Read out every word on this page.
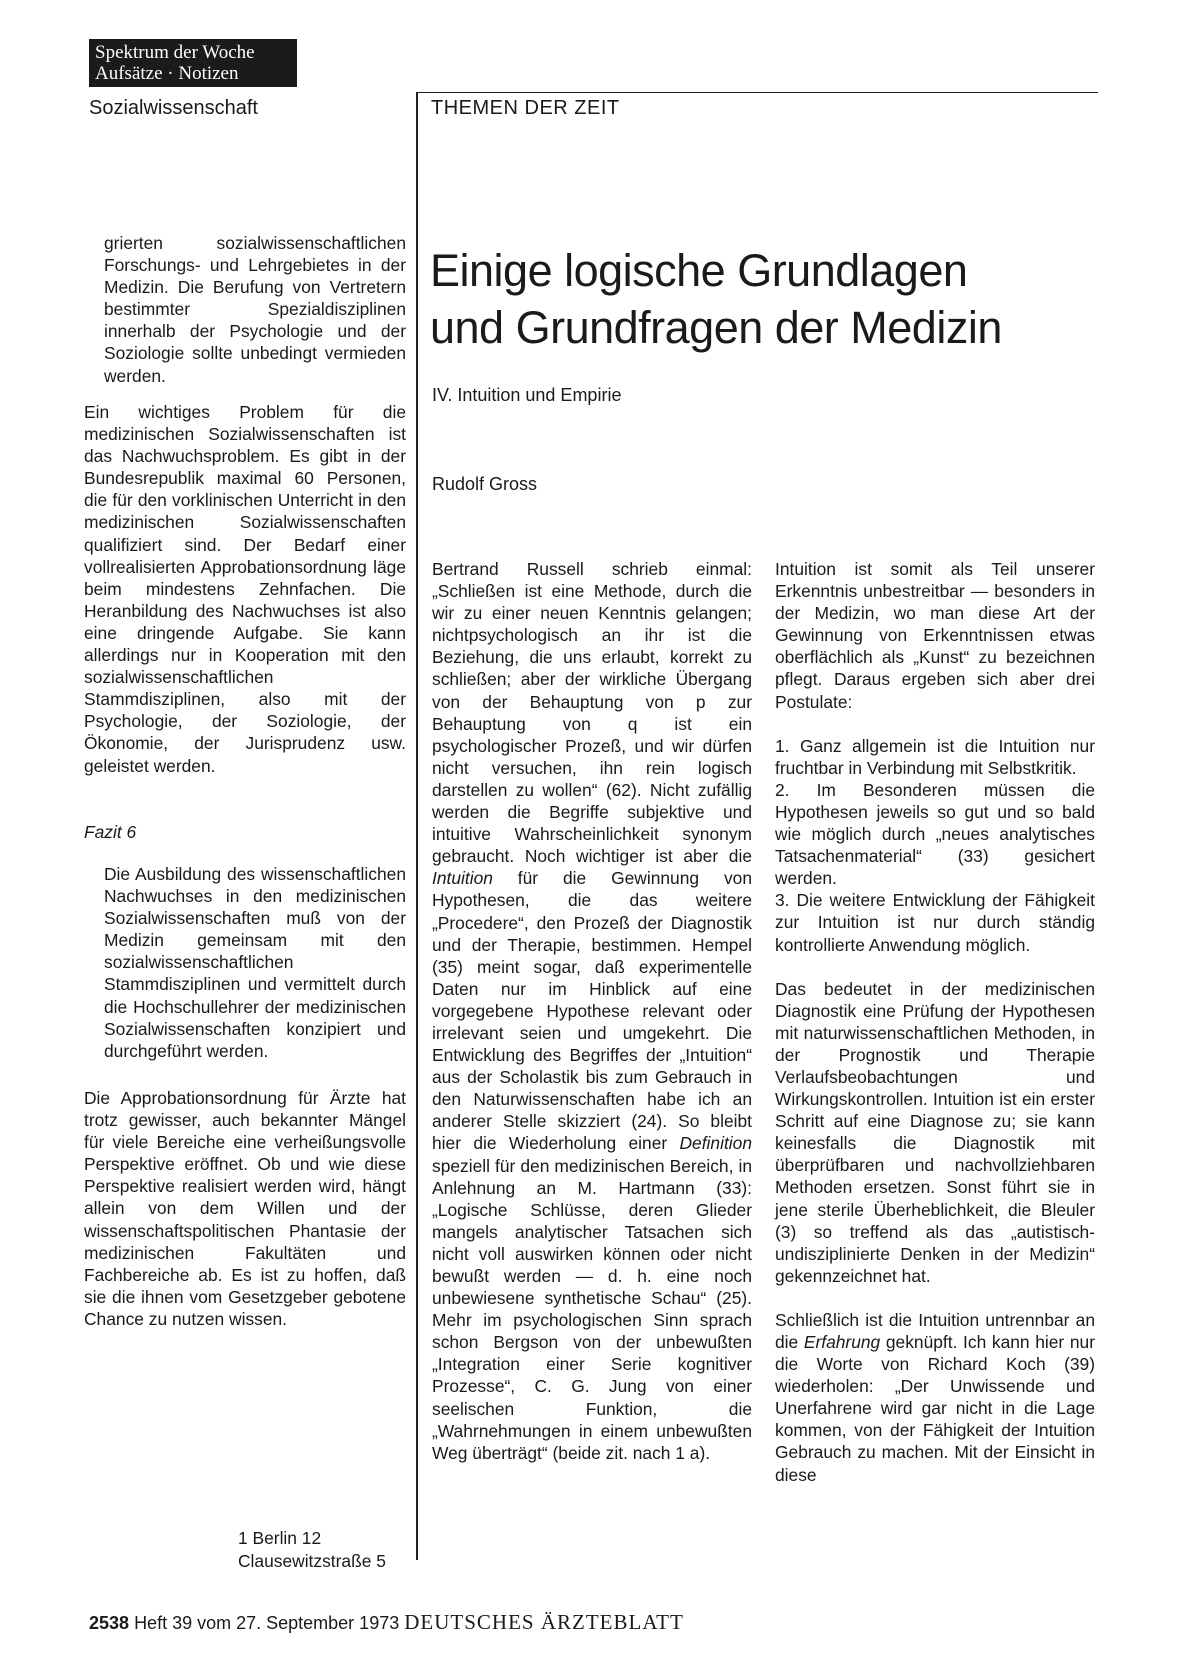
Spektrum der Woche
Aufsätze · Notizen
Sozialwissenschaft	THEMEN DER ZEIT

grierten sozialwissenschaftlichen Forschungs- und Lehrgebietes in der Medizin. Die Berufung von Vertretern bestimmter Spezialdisziplinen innerhalb der Psychologie und der Soziologie sollte unbedingt vermieden werden.

Ein wichtiges Problem für die medizinischen Sozialwissenschaften ist das Nachwuchsproblem. Es gibt in der Bundesrepublik maximal 60 Personen, die für den vorklinischen Unterricht in den medizinischen Sozialwissenschaften qualifiziert sind. Der Bedarf einer vollrealisierten Approbationsordnung läge beim mindestens Zehnfachen. Die Heranbildung des Nachwuchses ist also eine dringende Aufgabe. Sie kann allerdings nur in Kooperation mit den sozialwissenschaftlichen Stammdisziplinen, also mit der Psychologie, der Soziologie, der Ökonomie, der Jurisprudenz usw. geleistet werden.

Fazit 6

Die Ausbildung des wissenschaftlichen Nachwuchses in den medizinischen Sozialwissenschaften muß von der Medizin gemeinsam mit den sozialwissenschaftlichen Stammdisziplinen und vermittelt durch die Hochschullehrer der medizinischen Sozialwissenschaften konzipiert und durchgeführt werden.

Die Approbationsordnung für Ärzte hat trotz gewisser, auch bekannter Mängel für viele Bereiche eine verheißungsvolle Perspektive eröffnet. Ob und wie diese Perspektive realisiert werden wird, hängt allein von dem Willen und der wissenschaftspolitischen Phantasie der medizinischen Fakultäten und Fachbereiche ab. Es ist zu hoffen, daß sie die ihnen vom Gesetzgeber gebotene Chance zu nutzen wissen.

1 Berlin 12
Clausewitzstraße 5
Einige logische Grundlagen
und Grundfragen der Medizin
IV. Intuition und Empirie
Rudolf Gross

Bertrand Russell schrieb einmal: „Schließen ist eine Methode, durch die wir zu einer neuen Kenntnis gelangen; nichtpsychologisch an ihr ist die Beziehung, die uns erlaubt, korrekt zu schließen; aber der wirkliche Übergang von der Behauptung von p zur Behauptung von q ist ein psychologischer Prozeß, und wir dürfen nicht versuchen, ihn rein logisch darstellen zu wollen“ (62). Nicht zufällig werden die Begriffe subjektive und intuitive Wahrscheinlichkeit synonym gebraucht. Noch wichtiger ist aber die Intuition für die Gewinnung von Hypothesen, die das weitere „Procedere“, den Prozeß der Diagnostik und der Therapie, bestimmen. Hempel (35) meint sogar, daß experimentelle Daten nur im Hinblick auf eine vorgegebene Hypothese relevant oder irrelevant seien und umgekehrt. Die Entwicklung des Begriffes der „Intuition“ aus der Scholastik bis zum Gebrauch in den Naturwissenschaften habe ich an anderer Stelle skizziert (24). So bleibt hier die Wiederholung einer Definition speziell für den medizinischen Bereich, in Anlehnung an M. Hartmann (33): „Logische Schlüsse, deren Glieder mangels analytischer Tatsachen sich nicht voll auswirken können oder nicht bewußt werden — d. h. eine noch unbewiesene synthetische Schau“ (25). Mehr im psychologischen Sinn sprach schon Bergson von der unbewußten „Integration einer Serie kognitiver Prozesse“, C. G. Jung von einer seelischen Funktion, die „Wahrnehmungen in einem unbewußten Weg überträgt“ (beide zit. nach 1 a).

Intuition ist somit als Teil unserer Erkenntnis unbestreitbar — besonders in der Medizin, wo man diese Art der Gewinnung von Erkenntnissen etwas oberflächlich als „Kunst“ zu bezeichnen pflegt. Daraus ergeben sich aber drei Postulate:

1. Ganz allgemein ist die Intuition nur fruchtbar in Verbindung mit Selbstkritik.

2. Im Besonderen müssen die Hypothesen jeweils so gut und so bald wie möglich durch „neues analytisches Tatsachenmaterial“ (33) gesichert werden.

3. Die weitere Entwicklung der Fähigkeit zur Intuition ist nur durch ständig kontrollierte Anwendung möglich.

Das bedeutet in der medizinischen Diagnostik eine Prüfung der Hypothesen mit naturwissenschaftlichen Methoden, in der Prognostik und Therapie Verlaufsbeobachtungen und Wirkungskontrollen. Intuition ist ein erster Schritt auf eine Diagnose zu; sie kann keinesfalls die Diagnostik mit überprüfbaren und nachvollziehbaren Methoden ersetzen. Sonst führt sie in jene sterile Überheblichkeit, die Bleuler (3) so treffend als das „autistisch-undisziplinierte Denken in der Medizin“ gekennzeichnet hat.

Schließlich ist die Intuition untrennbar an die Erfahrung geknüpft. Ich kann hier nur die Worte von Richard Koch (39) wiederholen: „Der Unwissende und Unerfahrene wird gar nicht in die Lage kommen, von der Fähigkeit der Intuition Gebrauch zu machen. Mit der Einsicht in diese

2538 Heft 39 vom 27. September 1973 DEUTSCHES ÄRZTEBLATT
